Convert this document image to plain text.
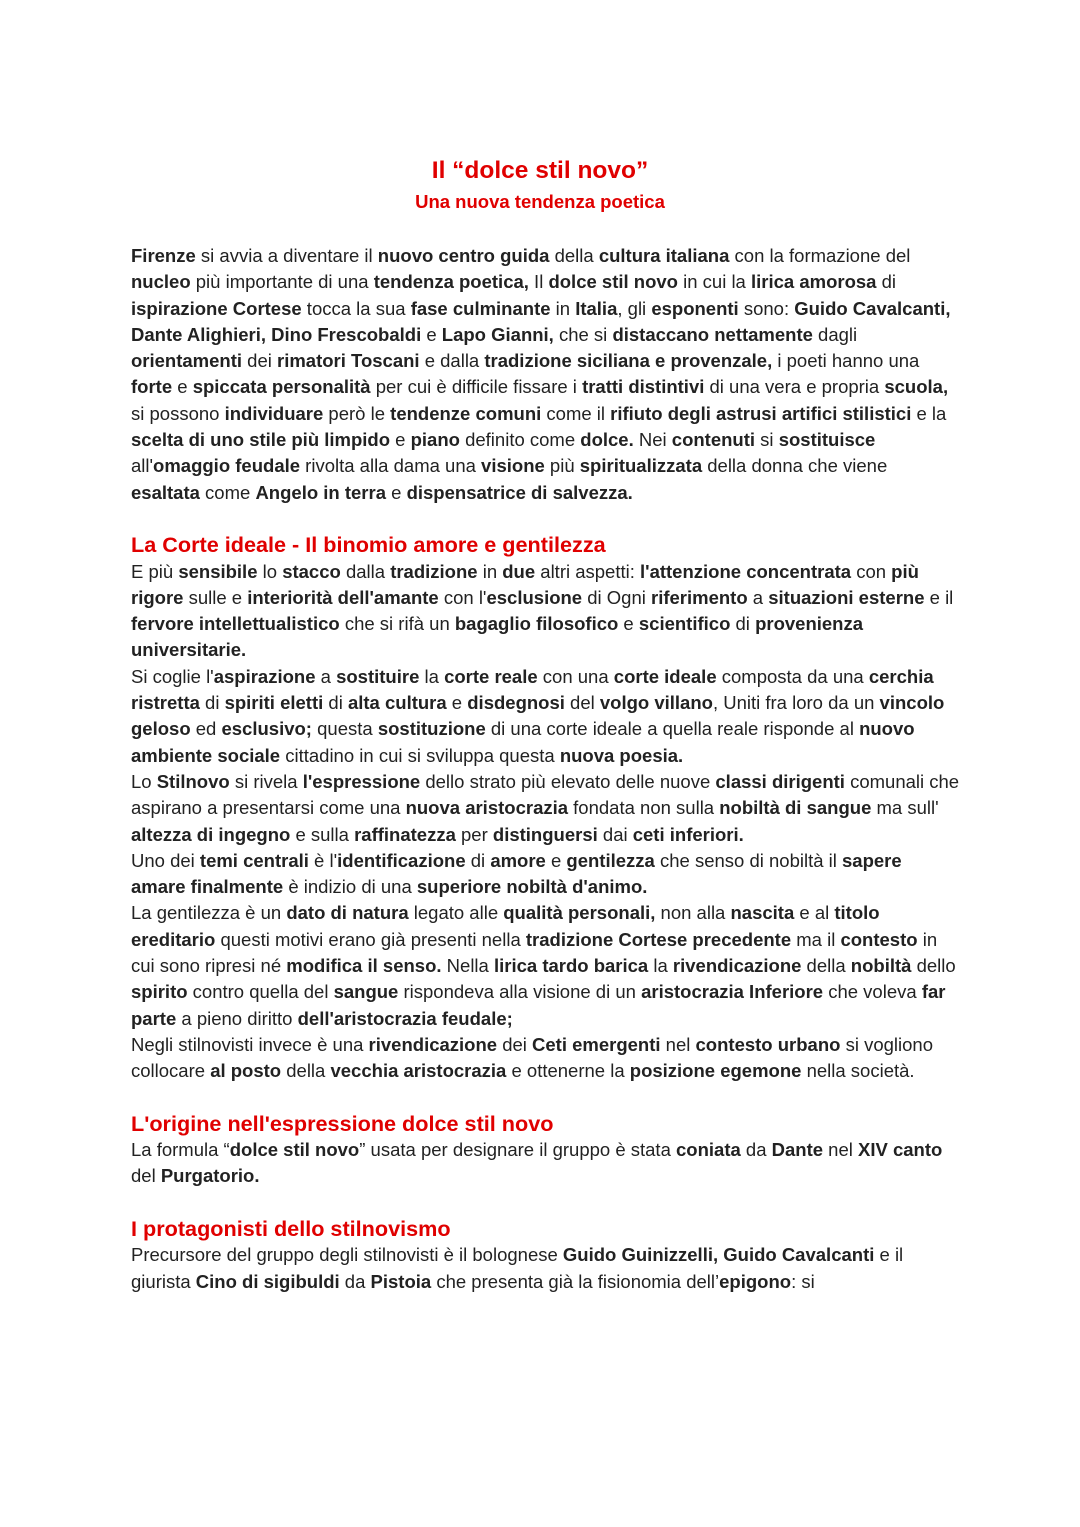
Il “dolce stil novo”
Una nuova tendenza poetica

Firenze si avvia a diventare il nuovo centro guida della cultura italiana con la formazione del nucleo più importante di una tendenza poetica, Il dolce stil novo in cui la lirica amorosa di ispirazione Cortese tocca la sua fase culminante in Italia, gli esponenti sono: Guido Cavalcanti, Dante Alighieri, Dino Frescobaldi e Lapo Gianni, che si distaccano nettamente dagli orientamenti dei rimatori Toscani e dalla tradizione siciliana e provenzale, i poeti hanno una forte e spiccata personalità per cui è difficile fissare i tratti distintivi di una vera e propria scuola, si possono individuare però le tendenze comuni come il rifiuto degli astrusi artifici stilistici e la scelta di uno stile più limpido e piano definito come dolce. Nei contenuti si sostituisce all'omaggio feudale rivolta alla dama una visione più spiritualizzata della donna che viene esaltata come Angelo in terra e dispensatrice di salvezza.

La Corte ideale - Il binomio amore e gentilezza

E più sensibile lo stacco dalla tradizione in due altri aspetti: l'attenzione concentrata con più rigore sulle e interiorità dell'amante con l'esclusione di Ogni riferimento a situazioni esterne e il fervore intellettualistico che si rifà un bagaglio filosofico e scientifico di provenienza universitarie.

Si coglie l'aspirazione a sostituire la corte reale con una corte ideale composta da una cerchia ristretta di spiriti eletti di alta cultura e disdegnosi del volgo villano, Uniti fra loro da un vincolo geloso ed esclusivo; questa sostituzione di una corte ideale a quella reale risponde al nuovo ambiente sociale cittadino in cui si sviluppa questa nuova poesia.

Lo Stilnovo si rivela l'espressione dello strato più elevato delle nuove classi dirigenti comunali che aspirano a presentarsi come una nuova aristocrazia fondata non sulla nobiltà di sangue ma sull' altezza di ingegno e sulla raffinatezza per distinguersi dai ceti inferiori.

Uno dei temi centrali è l'identificazione di amore e gentilezza che senso di nobiltà il sapere amare finalmente è indizio di una superiore nobiltà d'animo.

La gentilezza è un dato di natura legato alle qualità personali, non alla nascita e al titolo ereditario questi motivi erano già presenti nella tradizione Cortese precedente ma il contesto in cui sono ripresi né modifica il senso. Nella lirica tardo barica la rivendicazione della nobiltà dello spirito contro quella del sangue rispondeva alla visione di un aristocrazia Inferiore che voleva far parte a pieno diritto dell'aristocrazia feudale;

Negli stilnovisti invece è una rivendicazione dei Ceti emergenti nel contesto urbano si vogliono collocare al posto della vecchia aristocrazia e ottenerne la posizione egemone nella società.

L'origine nell'espressione dolce stil novo

La formula “dolce stil novo” usata per designare il gruppo è stata coniata da Dante nel XIV canto del Purgatorio.

I protagonisti dello stilnovismo

Precursore del gruppo degli stilnovisti è il bolognese Guido Guinizzelli, Guido Cavalcanti e il giurista Cino di sigibuldi da Pistoia che presenta già la fisionomia dell’epigono: si
